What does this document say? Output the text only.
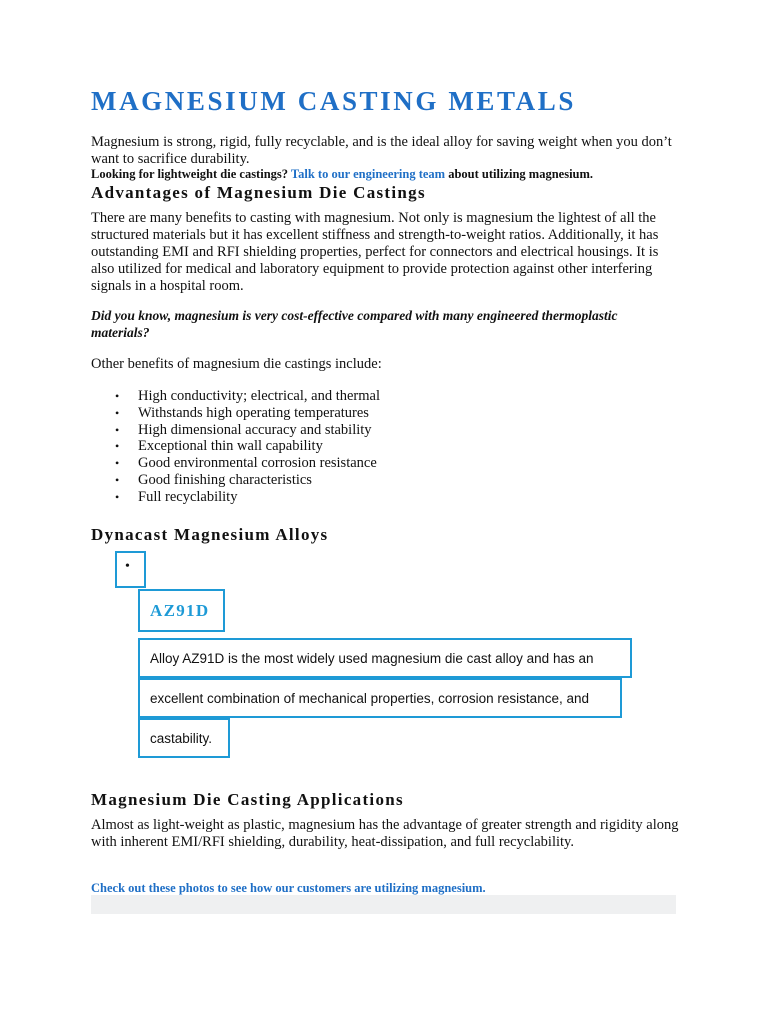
MAGNESIUM CASTING METALS
Magnesium is strong, rigid, fully recyclable, and is the ideal alloy for saving weight when you don’t want to sacrifice durability.
Looking for lightweight die castings? Talk to our engineering team about utilizing magnesium.
Advantages of Magnesium Die Castings
There are many benefits to casting with magnesium. Not only is magnesium the lightest of all the structured materials but it has excellent stiffness and strength-to-weight ratios. Additionally, it has outstanding EMI and RFI shielding properties, perfect for connectors and electrical housings. It is also utilized for medical and laboratory equipment to provide protection against other interfering signals in a hospital room.
Did you know, magnesium is very cost-effective compared with many engineered thermoplastic materials?
Other benefits of magnesium die castings include:
• High conductivity; electrical, and thermal
• Withstands high operating temperatures
• High dimensional accuracy and stability
• Exceptional thin wall capability
• Good environmental corrosion resistance
• Good finishing characteristics
• Full recyclability
Dynacast Magnesium Alloys
•
AZ91D
Alloy AZ91D is the most widely used magnesium die cast alloy and has an
excellent combination of mechanical properties, corrosion resistance, and
castability.
Magnesium Die Casting Applications
Almost as light-weight as plastic, magnesium has the advantage of greater strength and rigidity along with inherent EMI/RFI shielding, durability, heat-dissipation, and full recyclability.
Check out these photos to see how our customers are utilizing magnesium.
